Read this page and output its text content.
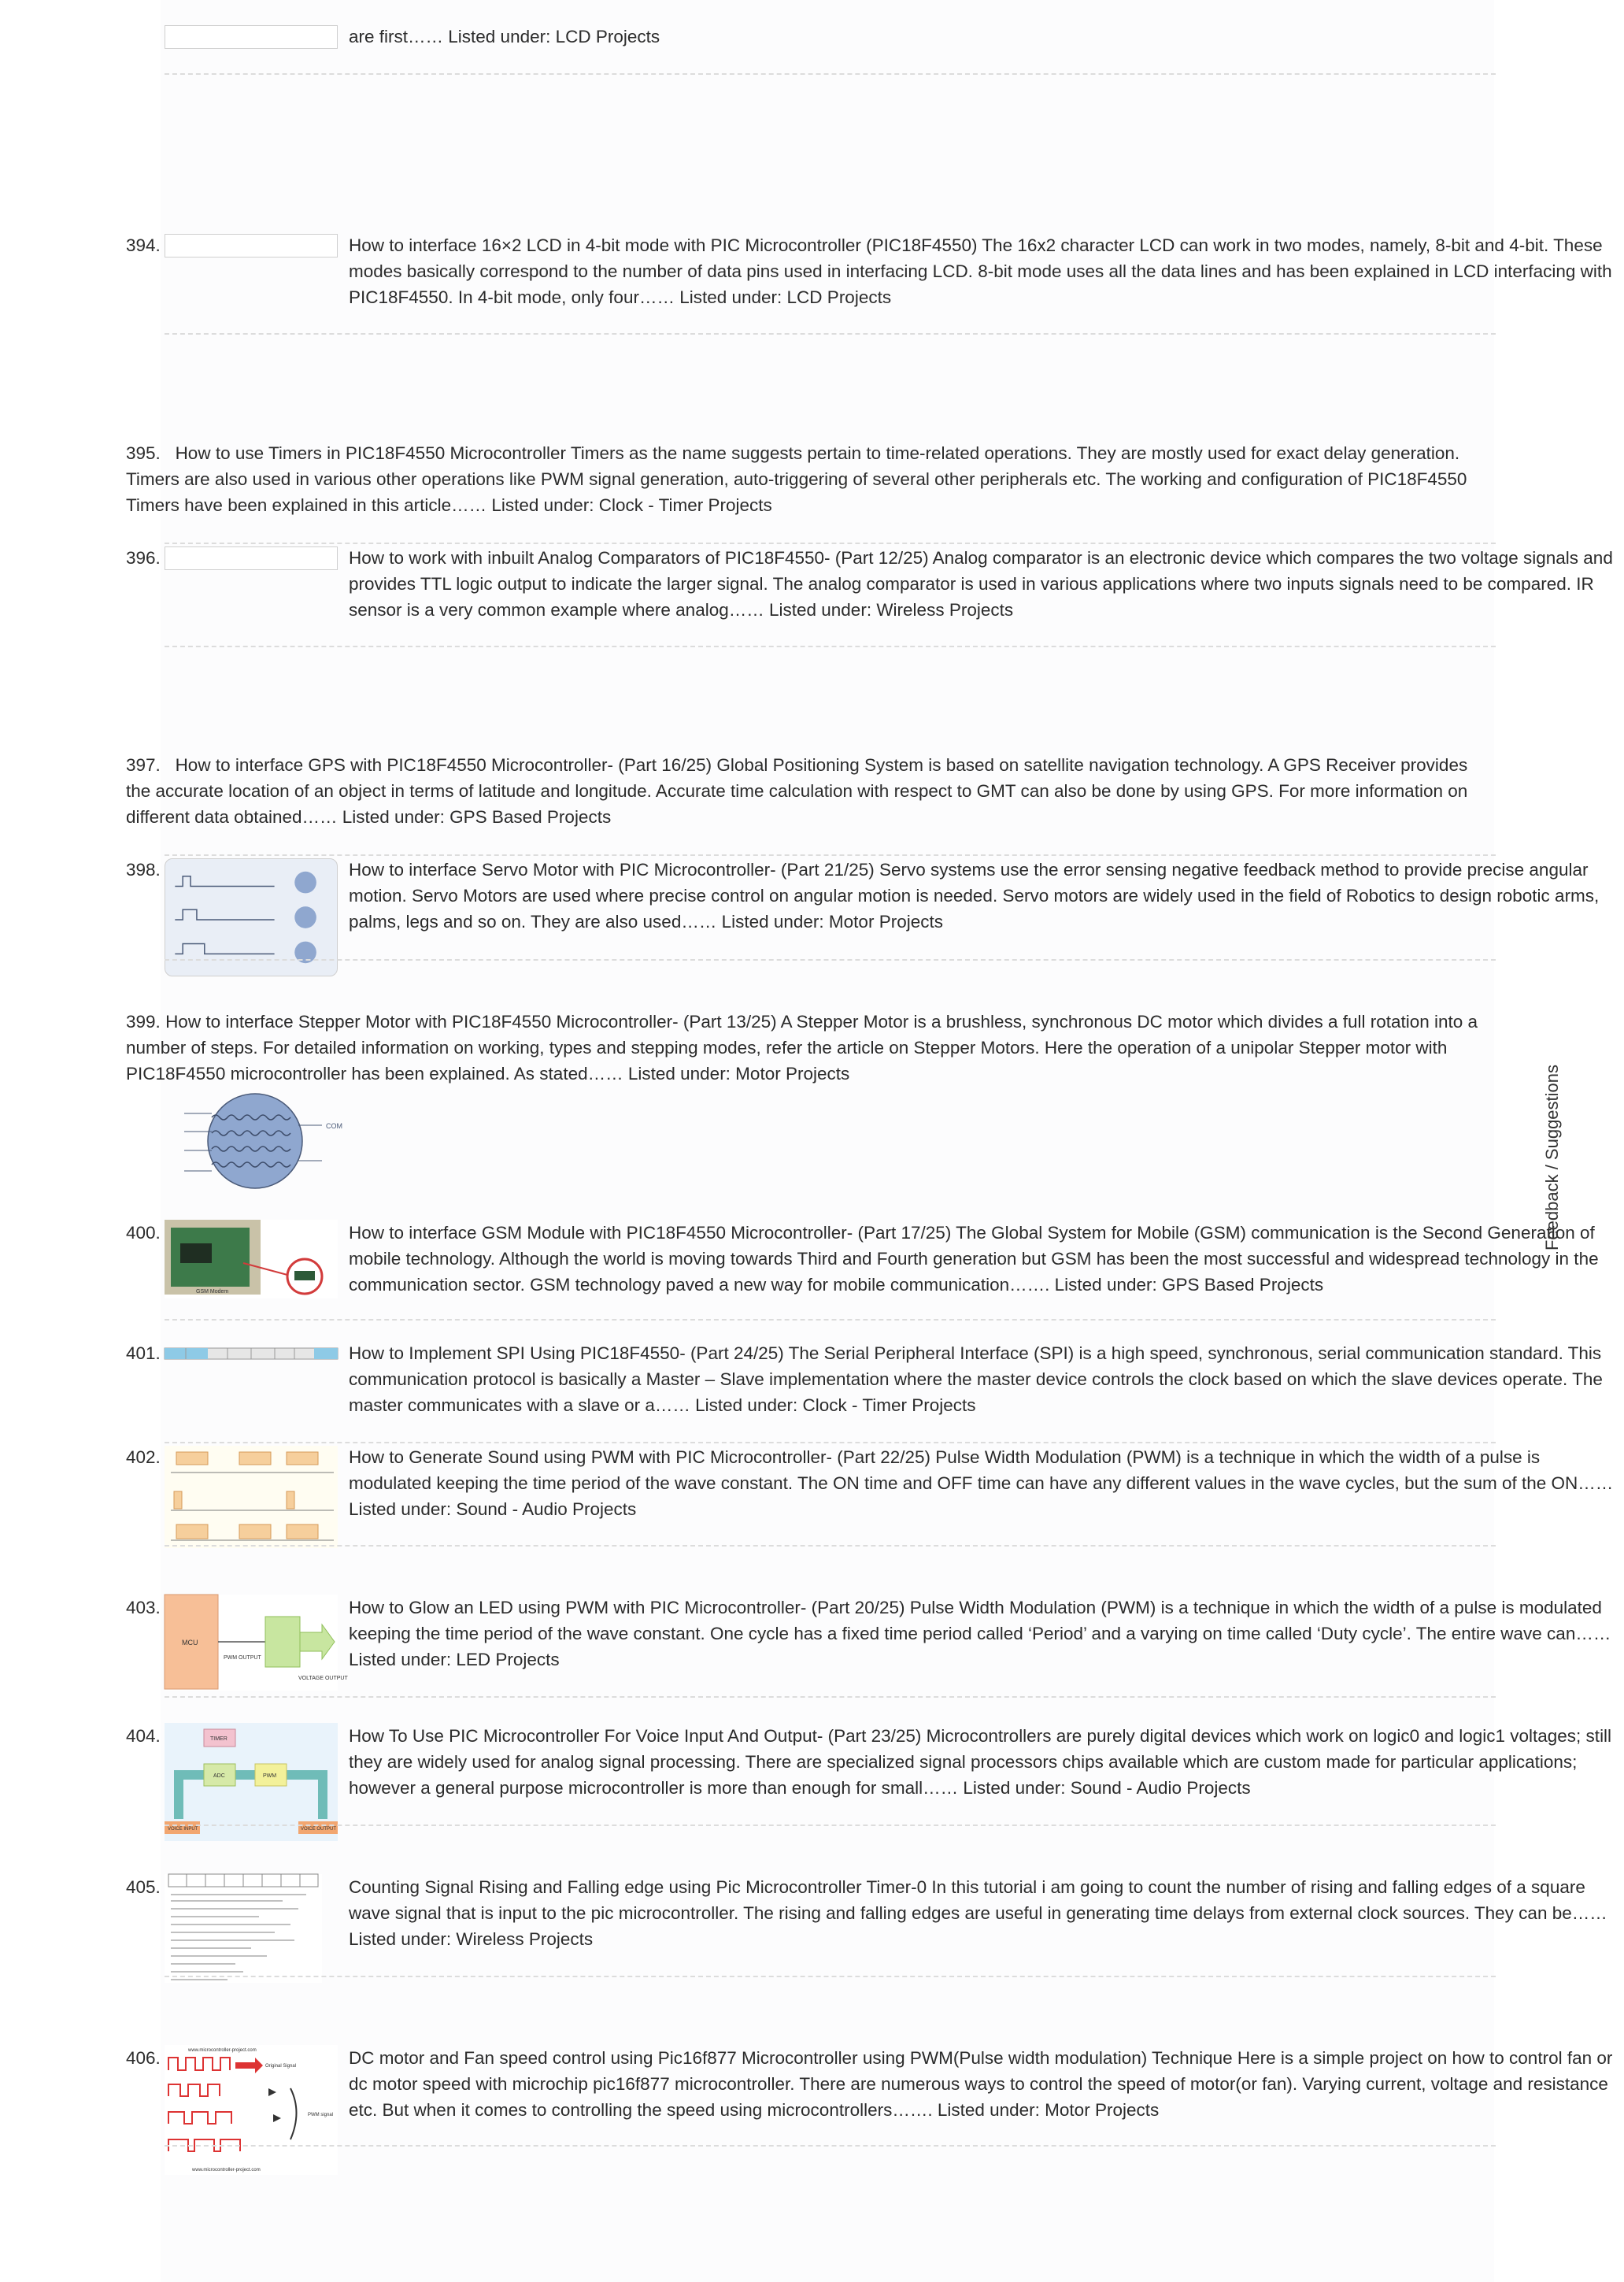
are first…… Listed under: LCD Projects
394.	How to interface 16×2 LCD in 4-bit mode with PIC Microcontroller (PIC18F4550) The 16x2 character LCD can work in two modes, namely, 8-bit and 4-bit. These modes basically correspond to the number of data pins used in interfacing LCD. 8-bit mode uses all the data lines and has been explained in LCD interfacing with PIC18F4550. In 4-bit mode, only four…… Listed under: LCD Projects
395. How to use Timers in PIC18F4550 Microcontroller Timers as the name suggests pertain to time-related operations. They are mostly used for exact delay generation. Timers are also used in various other operations like PWM signal generation, auto-triggering of several other peripherals etc. The working and configuration of PIC18F4550 Timers have been explained in this article…… Listed under: Clock - Timer Projects
396.	How to work with inbuilt Analog Comparators of PIC18F4550- (Part 12/25) Analog comparator is an electronic device which compares the two voltage signals and provides TTL logic output to indicate the larger signal. The analog comparator is used in various applications where two inputs signals need to be compared. IR sensor is a very common example where analog…… Listed under: Wireless Projects
397. How to interface GPS with PIC18F4550 Microcontroller- (Part 16/25) Global Positioning System is based on satellite navigation technology. A GPS Receiver provides the accurate location of an object in terms of latitude and longitude. Accurate time calculation with respect to GMT can also be done by using GPS. For more information on different data obtained…… Listed under: GPS Based Projects
398.	How to interface Servo Motor with PIC Microcontroller- (Part 21/25) Servo systems use the error sensing negative feedback method to provide precise angular motion. Servo Motors are used where precise control on angular motion is needed. Servo motors are widely used in the field of Robotics to design robotic arms, palms, legs and so on. They are also used…… Listed under: Motor Projects
399. How to interface Stepper Motor with PIC18F4550 Microcontroller- (Part 13/25) A Stepper Motor is a brushless, synchronous DC motor which divides a full rotation into a number of steps. For detailed information on working, types and stepping modes, refer the article on Stepper Motors. Here the operation of a unipolar Stepper motor with PIC18F4550 microcontroller has been explained. As stated…… Listed under: Motor Projects
COM
400.
GSM Modem
How to interface GSM Module with PIC18F4550 Microcontroller- (Part 17/25) The Global System for Mobile (GSM) communication is the Second Generation of mobile technology. Although the world is moving towards Third and Fourth generation but GSM has been the most successful and widespread technology in the communication sector. GSM technology paved a new way for mobile communication……. Listed under: GPS Based Projects
401.	How to Implement SPI Using PIC18F4550- (Part 24/25) The Serial Peripheral Interface (SPI) is a high speed, synchronous, serial communication standard. This communication protocol is basically a Master – Slave implementation where the master device controls the clock based on which the slave devices operate. The master communicates with a slave or a…… Listed under: Clock - Timer Projects
402.	How to Generate Sound using PWM with PIC Microcontroller- (Part 22/25) Pulse Width Modulation (PWM) is a technique in which the width of a pulse is modulated keeping the time period of the wave constant. The ON time and OFF time can have any different values in the wave cycles, but the sum of the ON…… Listed under: Sound - Audio Projects
403.
MCU
PWM OUTPUT
VOLTAGE OUTPUT
How to Glow an LED using PWM with PIC Microcontroller- (Part 20/25) Pulse Width Modulation (PWM) is a technique in which the width of a pulse is modulated keeping the time period of the wave constant. One cycle has a fixed time period called ‘Period’ and a varying on time called ‘Duty cycle’. The entire wave can…… Listed under: LED Projects
404.	TIMER
ADC	PWM
VOICE INPUT	VOICE OUTPUT
How To Use PIC Microcontroller For Voice Input And Output- (Part 23/25) Microcontrollers are purely digital devices which work on logic0 and logic1 voltages; still they are widely used for analog signal processing. There are specialized signal processors chips available which are custom made for particular applications; however a general purpose microcontroller is more than enough for small…… Listed under: Sound - Audio Projects
405.	Counting Signal Rising and Falling edge using Pic Microcontroller Timer-0 In this tutorial i am going to count the number of rising and falling edges of a square wave signal that is input to the pic microcontroller. The rising and falling edges are useful in generating time delays from external clock sources. They can be…… Listed under: Wireless Projects
406.	www.microcontroller-project.com
Original Signal
PWM signal
www.microcontroller-project.com
DC motor and Fan speed control using Pic16f877 Microcontroller using PWM(Pulse width modulation) Technique Here is a simple project on how to control fan or dc motor speed with microchip pic16f877 microcontroller. There are numerous ways to control the speed of motor(or fan). Varying current, voltage and resistance etc. But when it comes to controlling the speed using microcontrollers……. Listed under: Motor Projects
Feedback / Suggestions
